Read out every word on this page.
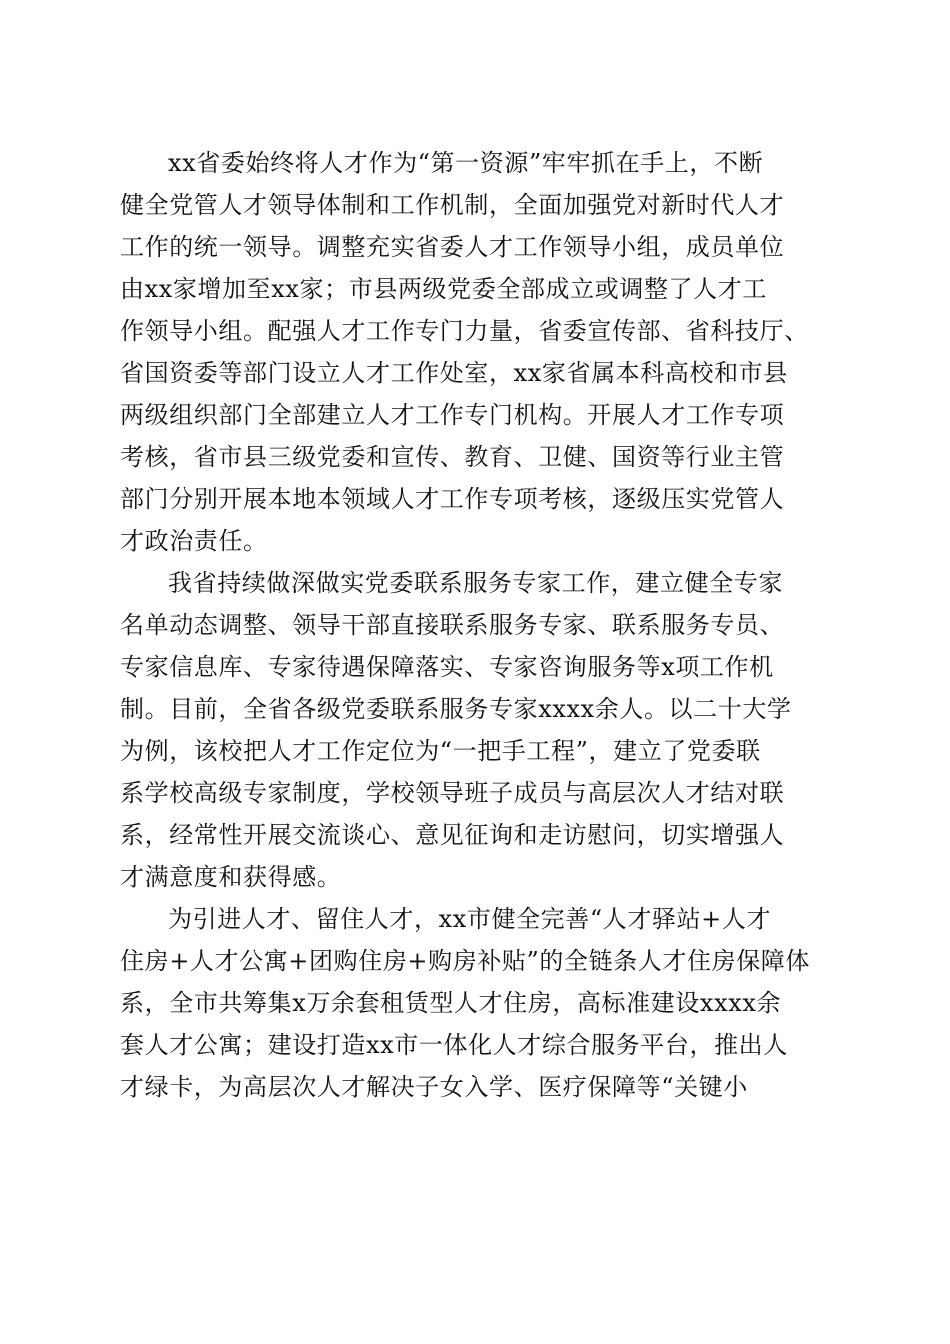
xx省委始终将人才作为“第一资源”牢牢抓在手上，不断
健全党管人才领导体制和工作机制，全面加强党对新时代人才
工作的统一领导。调整充实省委人才工作领导小组，成员单位
由xx家增加至xx家；市县两级党委全部成立或调整了人才工
作领导小组。配强人才工作专门力量，省委宣传部、省科技厅、
省国资委等部门设立人才工作处室，xx家省属本科高校和市县
两级组织部门全部建立人才工作专门机构。开展人才工作专项
考核，省市县三级党委和宣传、教育、卫健、国资等行业主管
部门分别开展本地本领域人才工作专项考核，逐级压实党管人
才政治责任。
我省持续做深做实党委联系服务专家工作，建立健全专家
名单动态调整、领导干部直接联系服务专家、联系服务专员、
专家信息库、专家待遇保障落实、专家咨询服务等x项工作机
制。目前，全省各级党委联系服务专家xxxx余人。以二十大学
为例，该校把人才工作定位为“一把手工程”，建立了党委联
系学校高级专家制度，学校领导班子成员与高层次人才结对联
系，经常性开展交流谈心、意见征询和走访慰问，切实增强人
才满意度和获得感。
为引进人才、留住人才，xx市健全完善“人才驿站+人才
住房+人才公寓+团购住房+购房补贴”的全链条人才住房保障体
系，全市共筹集x万余套租赁型人才住房，高标准建设xxxx余
套人才公寓；建设打造xx市一体化人才综合服务平台，推出人
才绿卡，为高层次人才解决子女入学、医疗保障等“关键小
